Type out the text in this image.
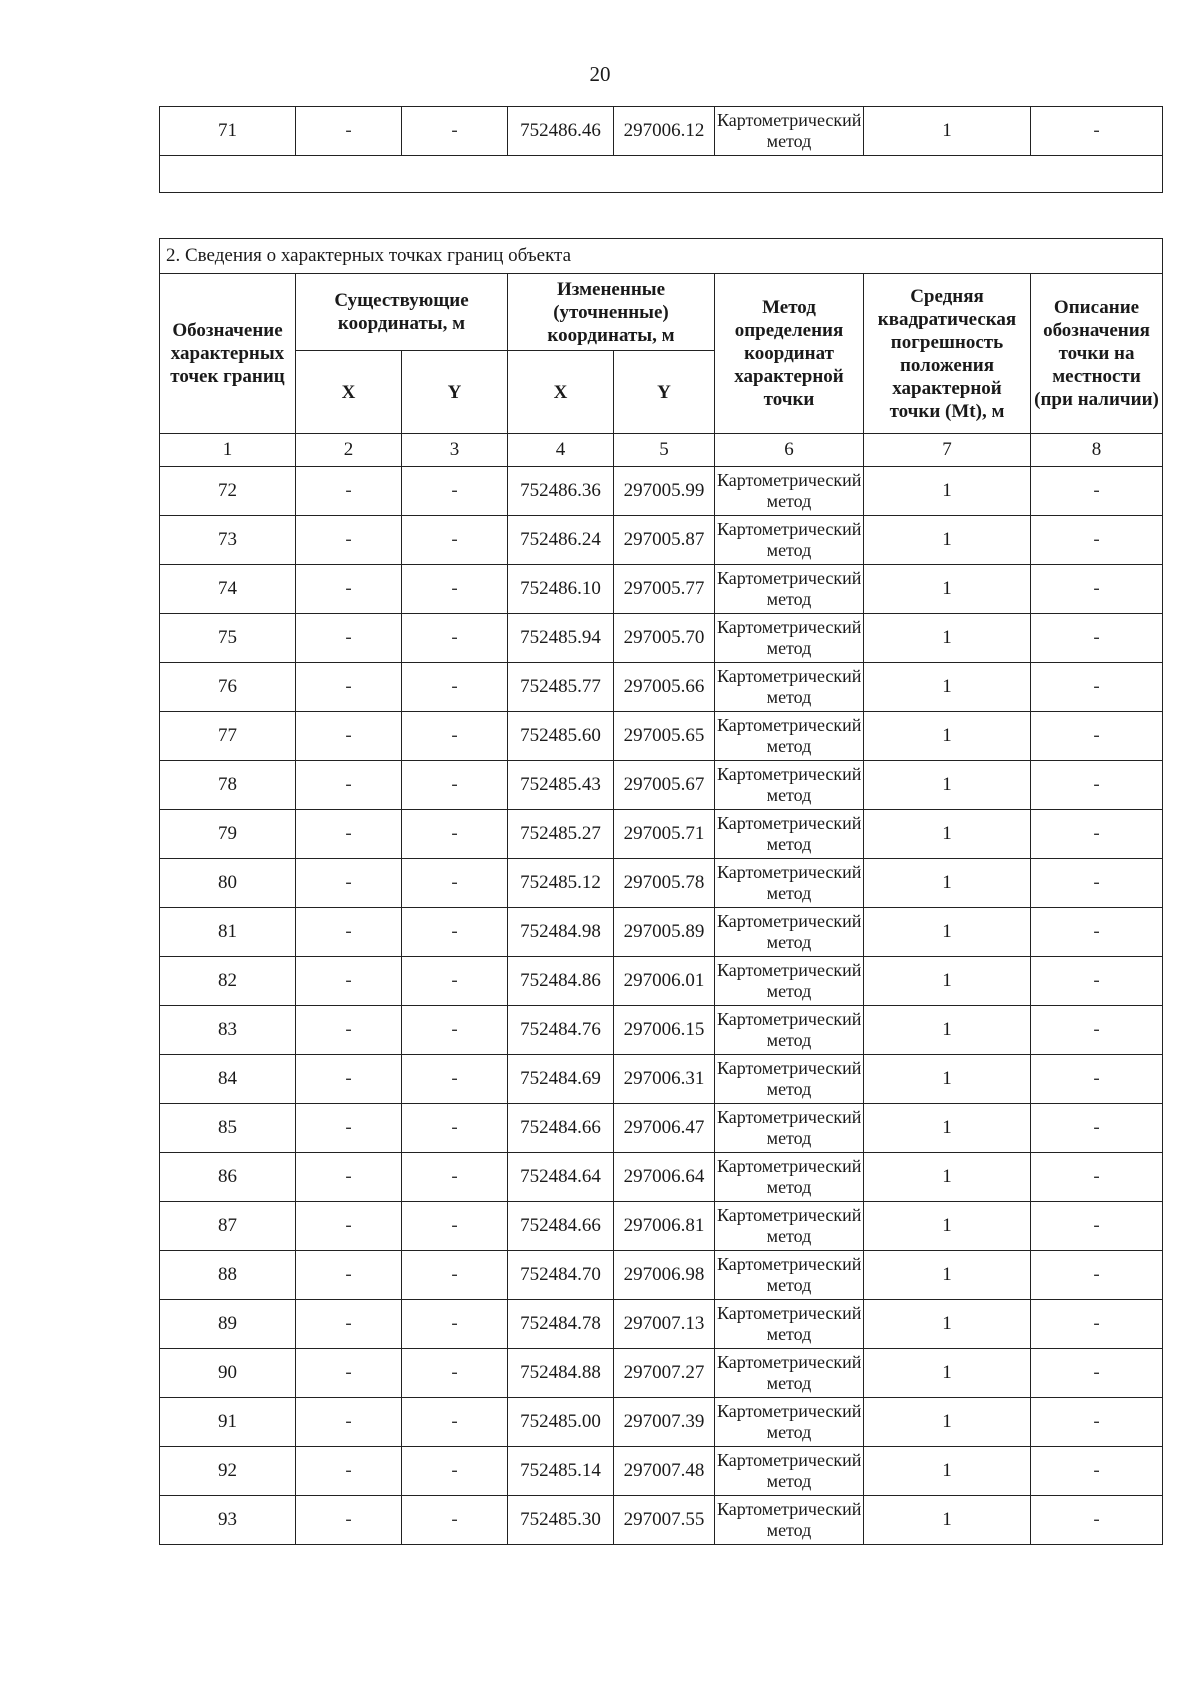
20
71	-	-	752486.46	297006.12	Картометрический метод	1	-

2. Сведения о характерных точках границ объекта							
Обозначение характерных точек границ	Существующие координаты, м		Измененные (уточненные) координаты, м		Метод определения координат характерной точки	Средняя квадратическая погрешность положения характерной точки (Mt), м	Описание обозначения точки на местности (при наличии)
	X	Y	X	Y			
1	2	3	4	5	6	7	8
72	-	-	752486.36	297005.99	Картометрический метод	1	-
73	-	-	752486.24	297005.87	Картометрический метод	1	-
74	-	-	752486.10	297005.77	Картометрический метод	1	-
75	-	-	752485.94	297005.70	Картометрический метод	1	-
76	-	-	752485.77	297005.66	Картометрический метод	1	-
77	-	-	752485.60	297005.65	Картометрический метод	1	-
78	-	-	752485.43	297005.67	Картометрический метод	1	-
79	-	-	752485.27	297005.71	Картометрический метод	1	-
80	-	-	752485.12	297005.78	Картометрический метод	1	-
81	-	-	752484.98	297005.89	Картометрический метод	1	-
82	-	-	752484.86	297006.01	Картометрический метод	1	-
83	-	-	752484.76	297006.15	Картометрический метод	1	-
84	-	-	752484.69	297006.31	Картометрический метод	1	-
85	-	-	752484.66	297006.47	Картометрический метод	1	-
86	-	-	752484.64	297006.64	Картометрический метод	1	-
87	-	-	752484.66	297006.81	Картометрический метод	1	-
88	-	-	752484.70	297006.98	Картометрический метод	1	-
89	-	-	752484.78	297007.13	Картометрический метод	1	-
90	-	-	752484.88	297007.27	Картометрический метод	1	-
91	-	-	752485.00	297007.39	Картометрический метод	1	-
92	-	-	752485.14	297007.48	Картометрический метод	1	-
93	-	-	752485.30	297007.55	Картометрический метод	1	-
